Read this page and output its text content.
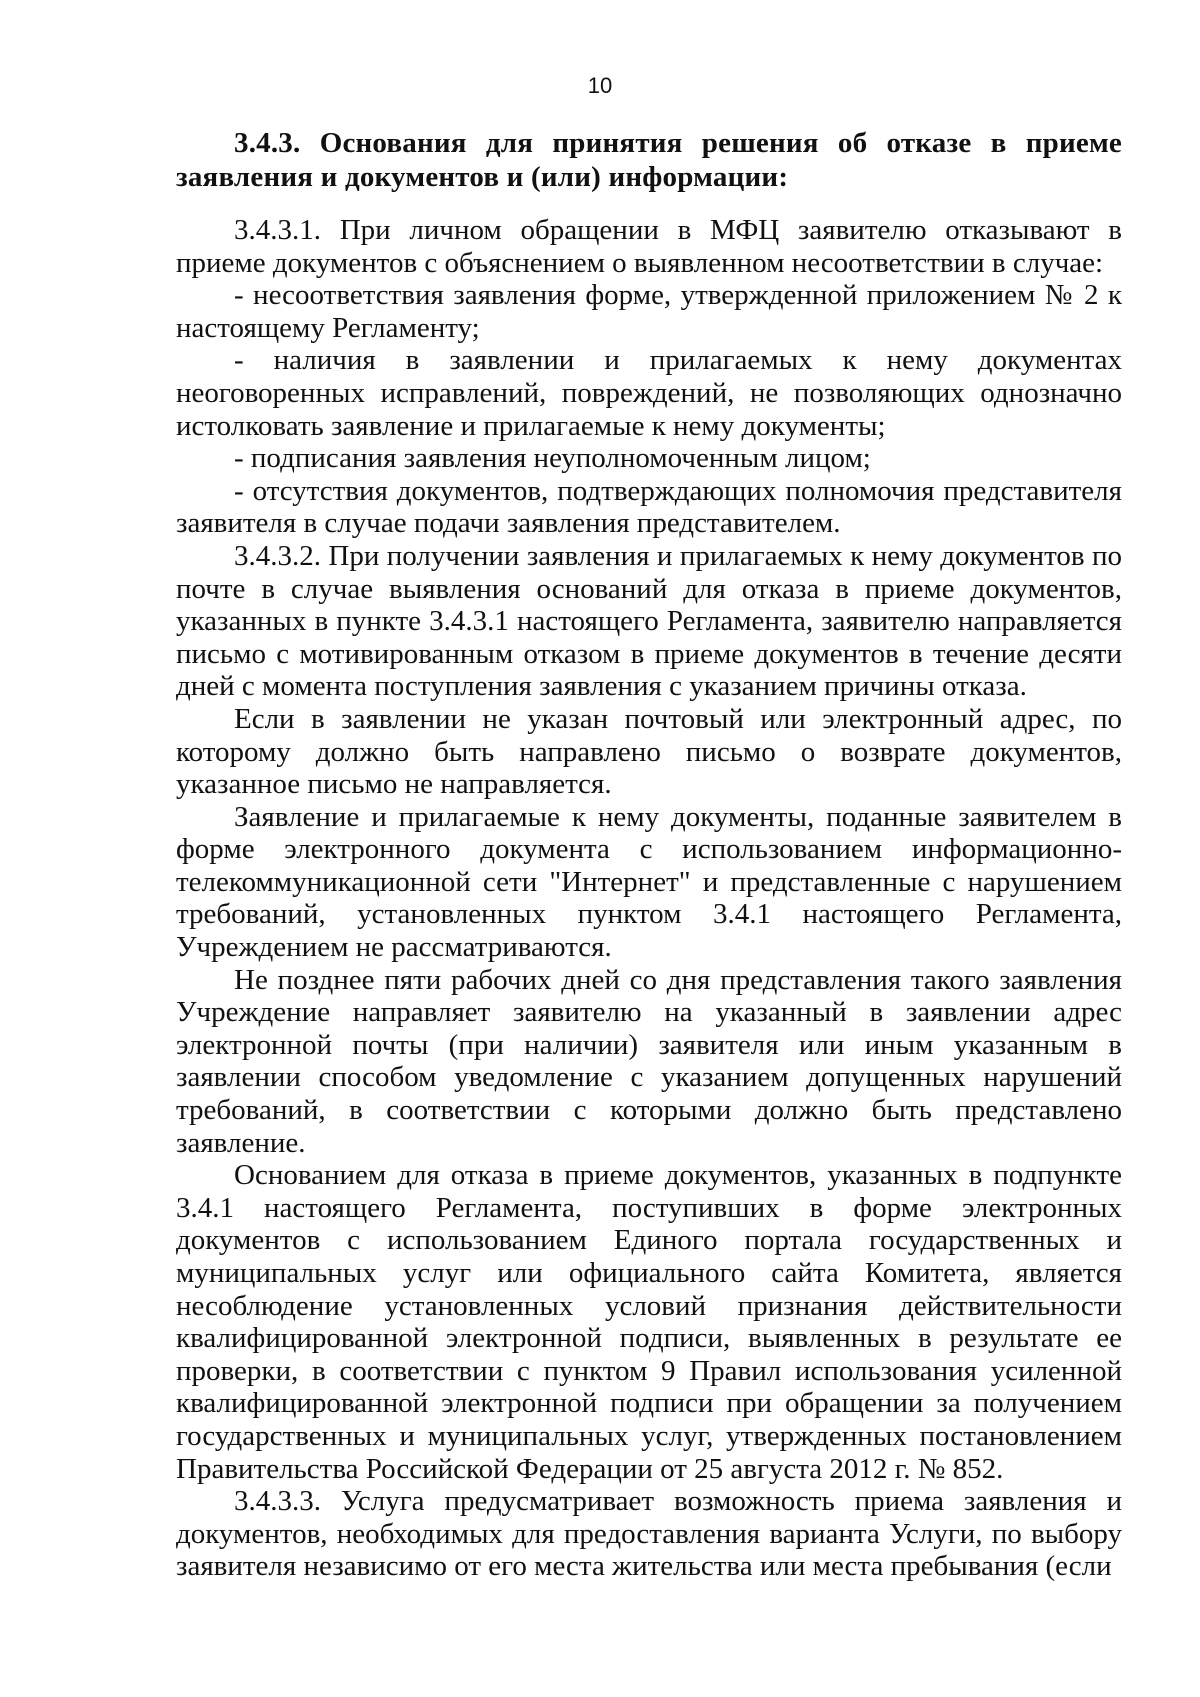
10

3.4.3. Основания для принятия решения об отказе в приеме заявления и документов и (или) информации:

3.4.3.1. При личном обращении в МФЦ заявителю отказывают в приеме документов с объяснением о выявленном несоответствии в случае:

- несоответствия заявления форме, утвержденной приложением № 2 к настоящему Регламенту;

- наличия в заявлении и прилагаемых к нему документах неоговоренных исправлений, повреждений, не позволяющих однозначно истолковать заявление и прилагаемые к нему документы;

- подписания заявления неуполномоченным лицом;

- отсутствия документов, подтверждающих полномочия представителя заявителя в случае подачи заявления представителем.

3.4.3.2. При получении заявления и прилагаемых к нему документов по почте в случае выявления оснований для отказа в приеме документов, указанных в пункте 3.4.3.1 настоящего Регламента, заявителю направляется письмо с мотивированным отказом в приеме документов в течение десяти дней с момента поступления заявления с указанием причины отказа.

Если в заявлении не указан почтовый или электронный адрес, по которому должно быть направлено письмо о возврате документов, указанное письмо не направляется.

Заявление и прилагаемые к нему документы, поданные заявителем в форме электронного документа с использованием информационно-телекоммуникационной сети "Интернет" и представленные с нарушением требований, установленных пунктом 3.4.1 настоящего Регламента, Учреждением не рассматриваются.

Не позднее пяти рабочих дней со дня представления такого заявления Учреждение направляет заявителю на указанный в заявлении адрес электронной почты (при наличии) заявителя или иным указанным в заявлении способом уведомление с указанием допущенных нарушений требований, в соответствии с которыми должно быть представлено заявление.

Основанием для отказа в приеме документов, указанных в подпункте 3.4.1 настоящего Регламента, поступивших в форме электронных документов с использованием Единого портала государственных и муниципальных услуг или официального сайта Комитета, является несоблюдение установленных условий признания действительности квалифицированной электронной подписи, выявленных в результате ее проверки, в соответствии с пунктом 9 Правил использования усиленной квалифицированной электронной подписи при обращении за получением государственных и муниципальных услуг, утвержденных постановлением Правительства Российской Федерации от 25 августа 2012 г. № 852.

3.4.3.3. Услуга предусматривает возможность приема заявления и документов, необходимых для предоставления варианта Услуги, по выбору заявителя независимо от его места жительства или места пребывания (если
